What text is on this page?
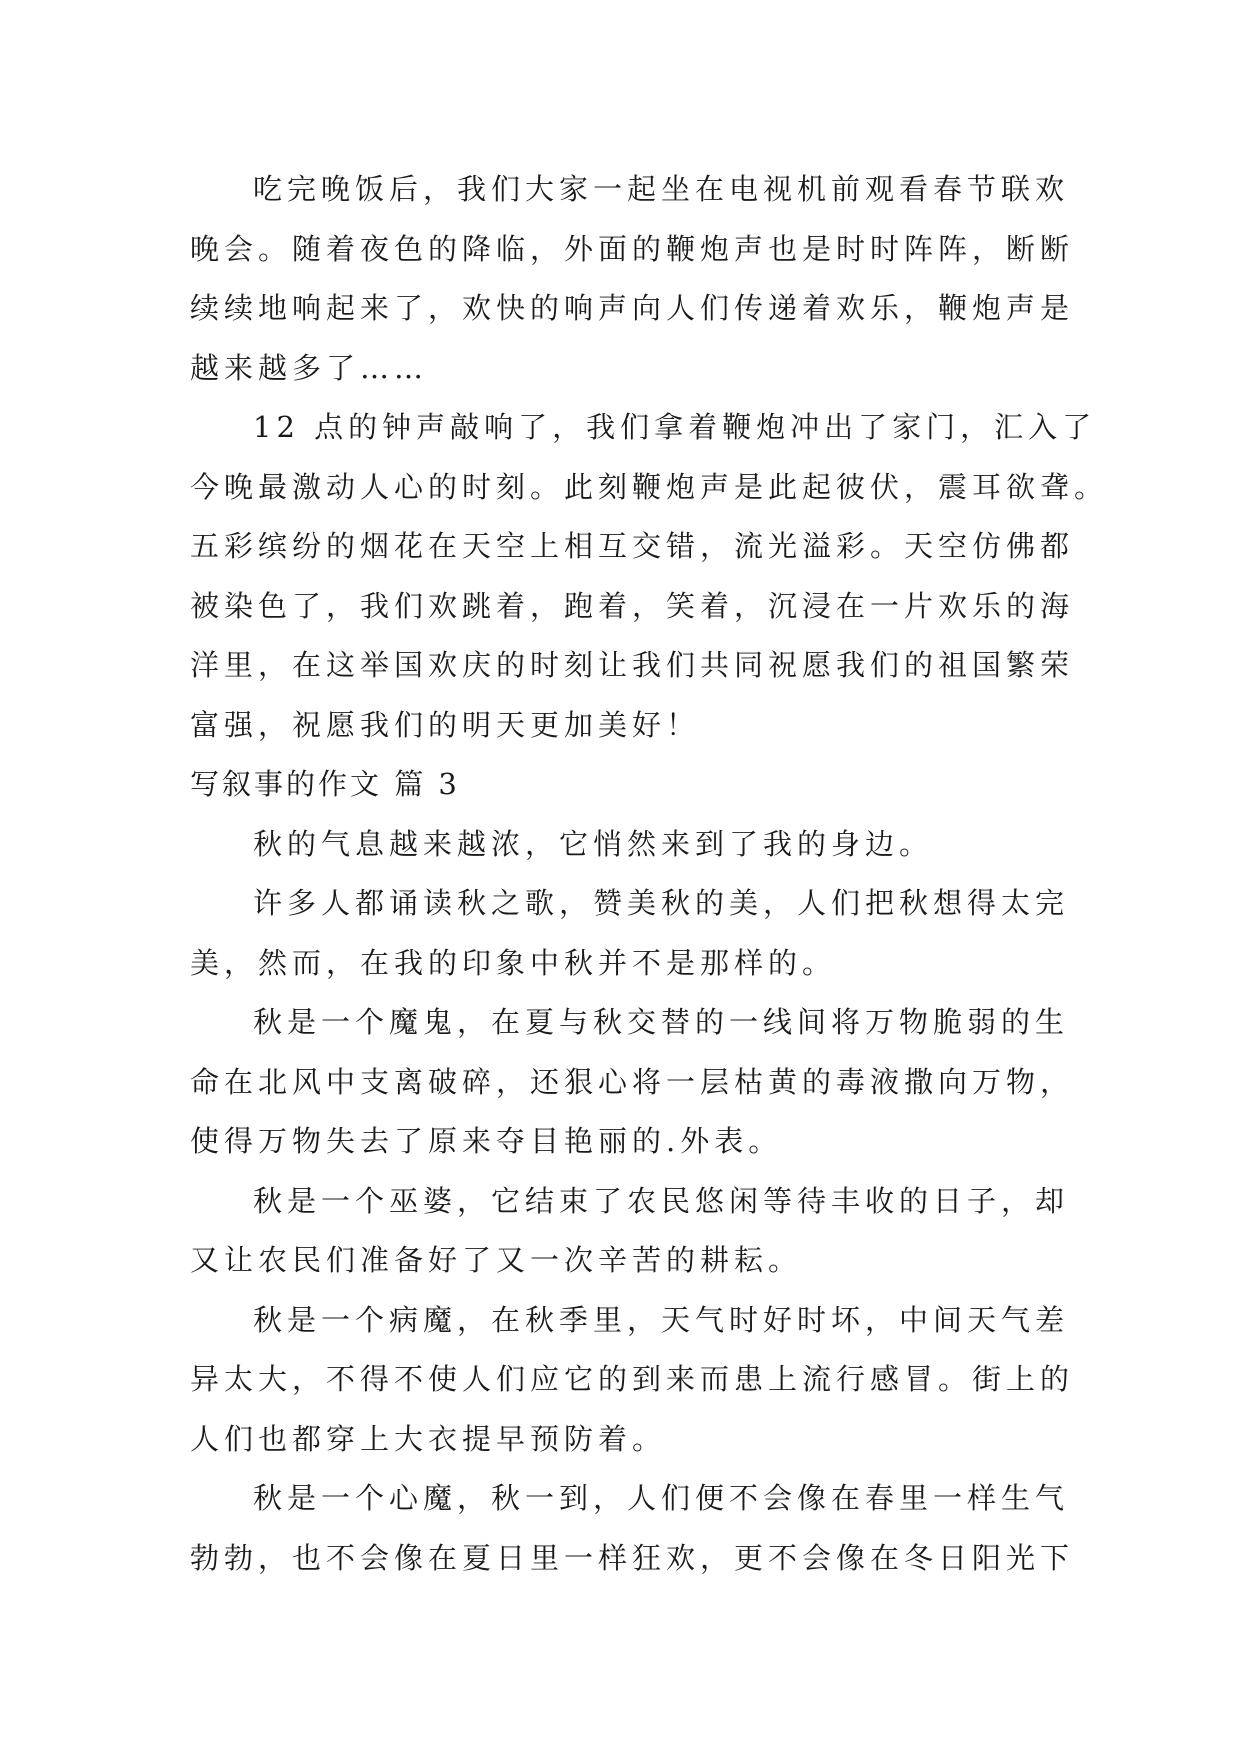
吃完晚饭后，我们大家一起坐在电视机前观看春节联欢
晚会。随着夜色的降临，外面的鞭炮声也是时时阵阵，断断
续续地响起来了，欢快的响声向人们传递着欢乐，鞭炮声是
越来越多了……
12 点的钟声敲响了，我们拿着鞭炮冲出了家门，汇入了
今晚最激动人心的时刻。此刻鞭炮声是此起彼伏，震耳欲聋。
五彩缤纷的烟花在天空上相互交错，流光溢彩。天空仿佛都
被染色了，我们欢跳着，跑着，笑着，沉浸在一片欢乐的海
洋里，在这举国欢庆的时刻让我们共同祝愿我们的祖国繁荣
富强，祝愿我们的明天更加美好！
写叙事的作文 篇 3
秋的气息越来越浓，它悄然来到了我的身边。
许多人都诵读秋之歌，赞美秋的美，人们把秋想得太完
美，然而，在我的印象中秋并不是那样的。
秋是一个魔鬼，在夏与秋交替的一线间将万物脆弱的生
命在北风中支离破碎，还狠心将一层枯黄的毒液撒向万物，
使得万物失去了原来夺目艳丽的.外表。
秋是一个巫婆，它结束了农民悠闲等待丰收的日子，却
又让农民们准备好了又一次辛苦的耕耘。
秋是一个病魔，在秋季里，天气时好时坏，中间天气差
异太大，不得不使人们应它的到来而患上流行感冒。街上的
人们也都穿上大衣提早预防着。
秋是一个心魔，秋一到，人们便不会像在春里一样生气
勃勃，也不会像在夏日里一样狂欢，更不会像在冬日阳光下
